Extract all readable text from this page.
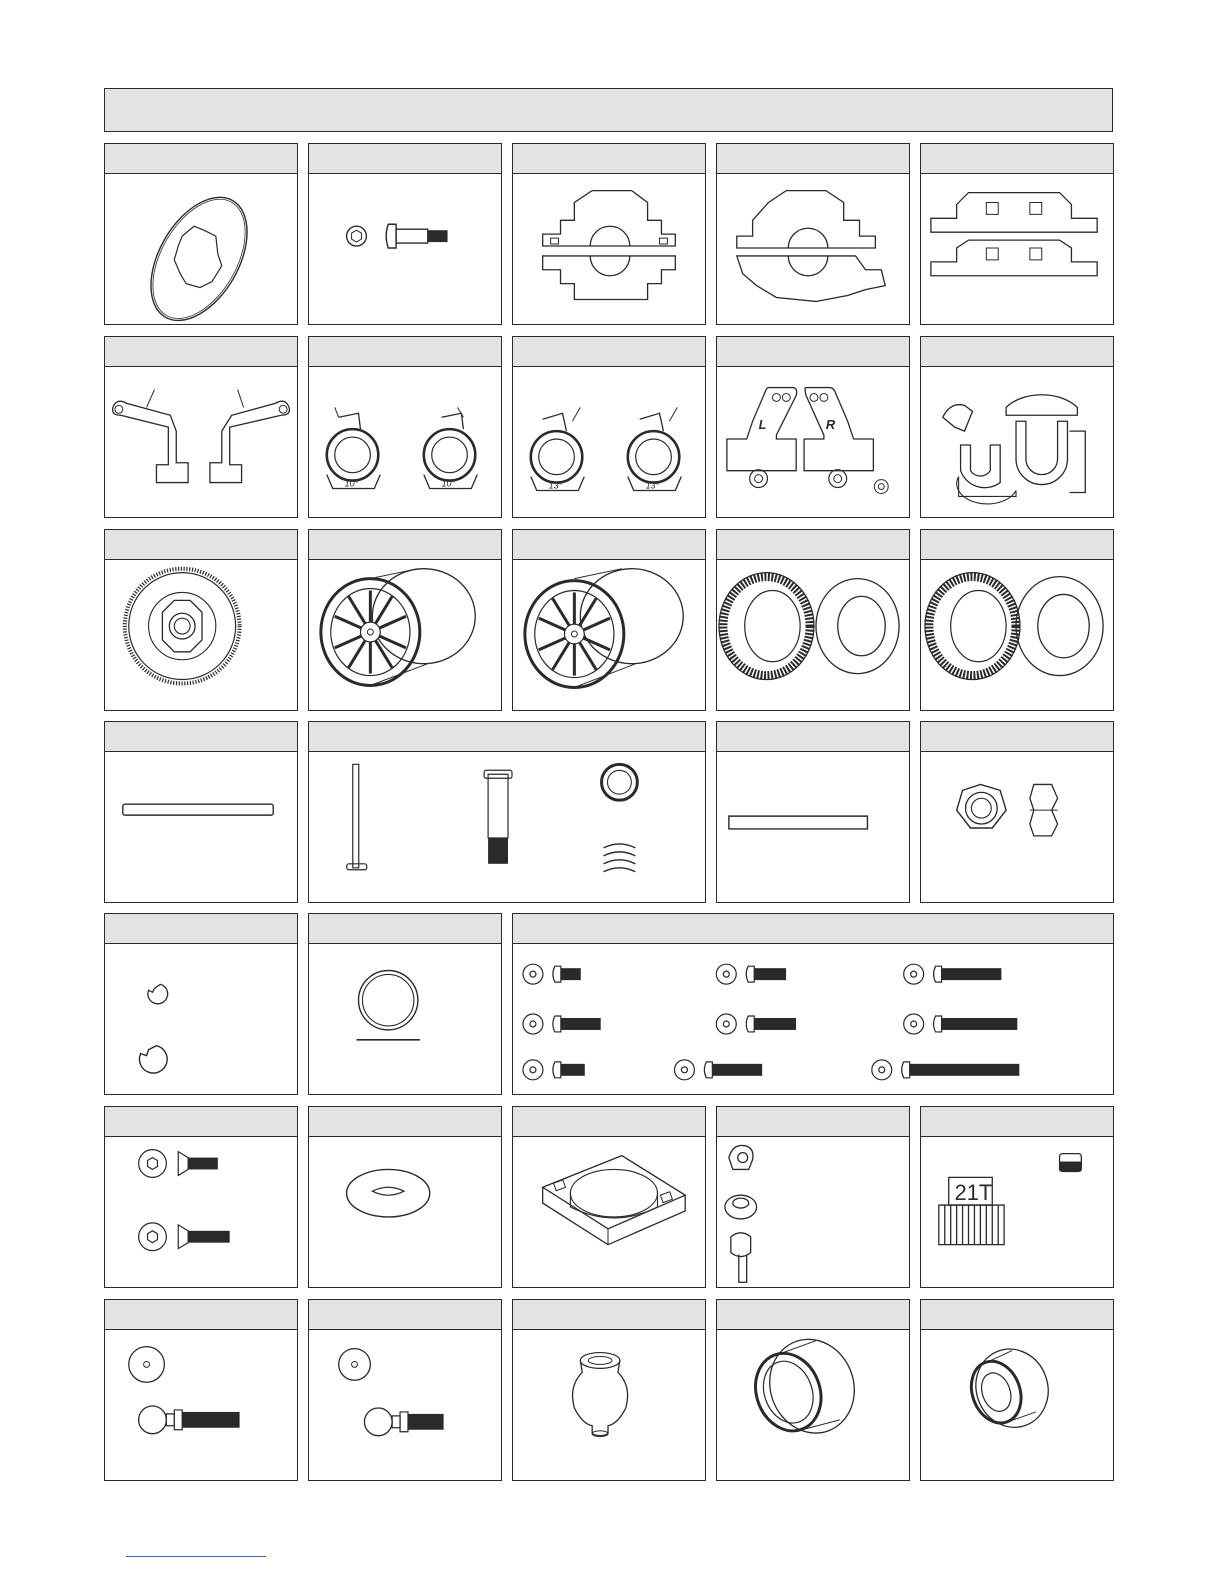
10°	10°	13°	13°
L	R
21T
